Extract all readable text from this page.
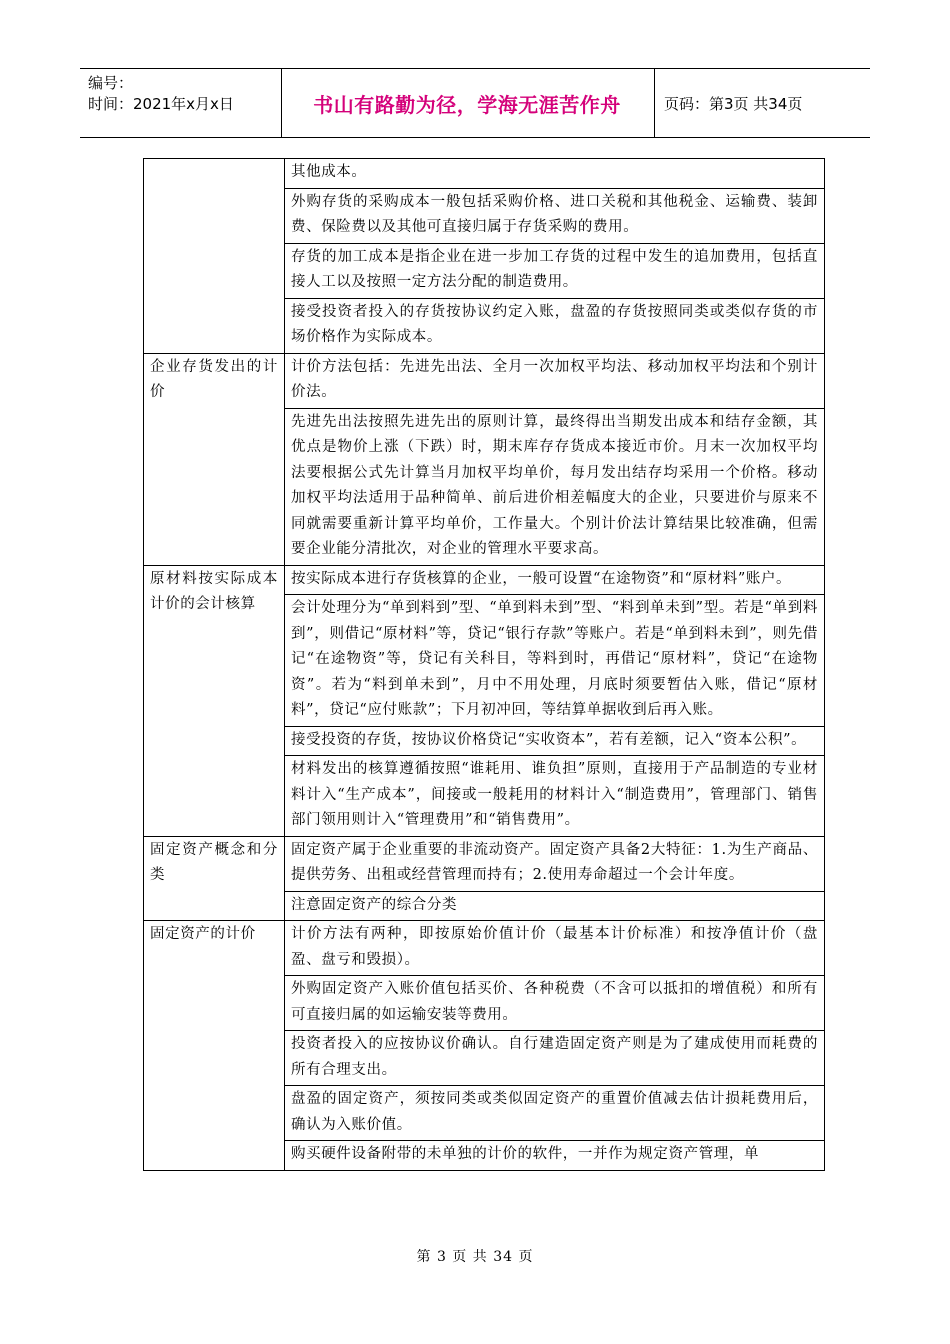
编号：
时间：2021年x月x日	书山有路勤为径，学海无涯苦作舟	页码：第3页 共34页
	其他成本。
	外购存货的采购成本一般包括采购价格、进口关税和其他税金、运输费、装卸费、保险费以及其他可直接归属于存货采购的费用。
	存货的加工成本是指企业在进一步加工存货的过程中发生的追加费用，包括直接人工以及按照一定方法分配的制造费用。
	接受投资者投入的存货按协议约定入账，盘盈的存货按照同类或类似存货的市场价格作为实际成本。
企业存货发出的计价	计价方法包括：先进先出法、全月一次加权平均法、移动加权平均法和个别计价法。
	先进先出法按照先进先出的原则计算，最终得出当期发出成本和结存金额，其优点是物价上涨（下跌）时，期末库存存货成本接近市价。月末一次加权平均法要根据公式先计算当月加权平均单价，每月发出结存均采用一个价格。移动加权平均法适用于品种简单、前后进价相差幅度大的企业，只要进价与原来不同就需要重新计算平均单价，工作量大。个别计价法计算结果比较准确，但需要企业能分清批次，对企业的管理水平要求高。
原材料按实际成本计价的会计核算	按实际成本进行存货核算的企业，一般可设置“在途物资”和“原材料”账户。
	会计处理分为“单到料到”型、“单到料未到”型、“料到单未到”型。若是“单到料到”，则借记“原材料”等，贷记“银行存款”等账户。若是“单到料未到”，则先借记“在途物资”等，贷记有关科目，等料到时，再借记“原材料”，贷记“在途物资”。若为“料到单未到”，月中不用处理，月底时须要暂估入账，借记“原材料”，贷记“应付账款”；下月初冲回，等结算单据收到后再入账。
	接受投资的存货，按协议价格贷记“实收资本”，若有差额，记入“资本公积”。
	材料发出的核算遵循按照“谁耗用、谁负担”原则，直接用于产品制造的专业材料计入“生产成本”，间接或一般耗用的材料计入“制造费用”，管理部门、销售部门领用则计入“管理费用”和“销售费用”。
固定资产概念和分类	固定资产属于企业重要的非流动资产。固定资产具备2大特征：1.为生产商品、提供劳务、出租或经营管理而持有；2.使用寿命超过一个会计年度。
	注意固定资产的综合分类
固定资产的计价	计价方法有两种，即按原始价值计价（最基本计价标准）和按净值计价（盘盈、盘亏和毁损）。
	外购固定资产入账价值包括买价、各种税费（不含可以抵扣的增值税）和所有可直接归属的如运输安装等费用。
	投资者投入的应按协议价确认。自行建造固定资产则是为了建成使用而耗费的所有合理支出。
	盘盈的固定资产，须按同类或类似固定资产的重置价值减去估计损耗费用后，确认为入账价值。
	购买硬件设备附带的未单独的计价的软件，一并作为规定资产管理，单
第 3 页 共 34 页
